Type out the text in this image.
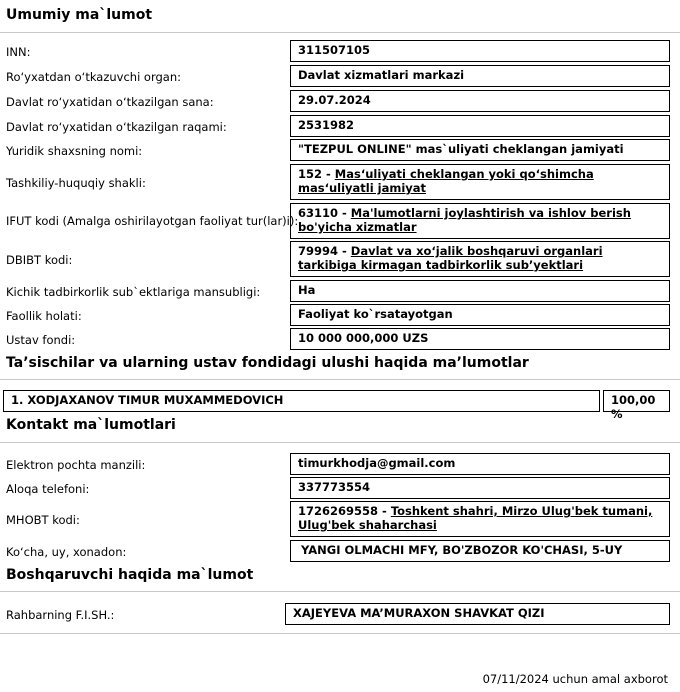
Umumiy ma`lumot
INN:	311507105
Ro‘yxatdan o‘tkazuvchi organ:	Davlat xizmatlari markazi
Davlat ro‘yxatidan o‘tkazilgan sana:	29.07.2024
Davlat ro‘yxatidan o‘tkazilgan raqami:	2531982
Yuridik shaxsning nomi:	"TEZPUL ONLINE" mas`uliyati cheklangan jamiyati
Tashkiliy-huquqiy shakli:
152 - Mas‘uliyati cheklangan yoki qo‘shimcha mas‘uliyatli jamiyat
IFUT kodi (Amalga oshirilayotgan faoliyat tur(lar)i):
63110 - Ma'lumotlarni joylashtirish va ishlov berish bo'yicha xizmatlar
DBIBT kodi:
79994 - Davlat va xo‘jalik boshqaruvi organlari tarkibiga kirmagan tadbirkorlik sub’yektlari
Kichik tadbirkorlik sub`ektlariga mansubligi:	Ha
Faollik holati:	Faoliyat ko`rsatayotgan
Ustav fondi:	10 000 000,000 UZS
Ta’sischilar va ularning ustav fondidagi ulushi haqida ma’lumotlar
1. XODJAXANOV TIMUR MUXAMMEDOVICH	100,00 %
Kontakt ma`lumotlari
Elektron pochta manzili:	timurkhodja@gmail.com
Aloqa telefoni:	337773554
MHOBT kodi:
1726269558 - Toshkent shahri, Mirzo Ulug'bek tumani, Ulug'bek shaharchasi
Ko‘cha, uy, xonadon:	YANGI OLMACHI MFY, BO'ZBOZOR KO'CHASI, 5-UY
Boshqaruvchi haqida ma`lumot
Rahbarning F.I.SH.:	XAJEYEVA MA’MURAXON SHAVKAT QIZI
07/11/2024 uchun amal axborot
